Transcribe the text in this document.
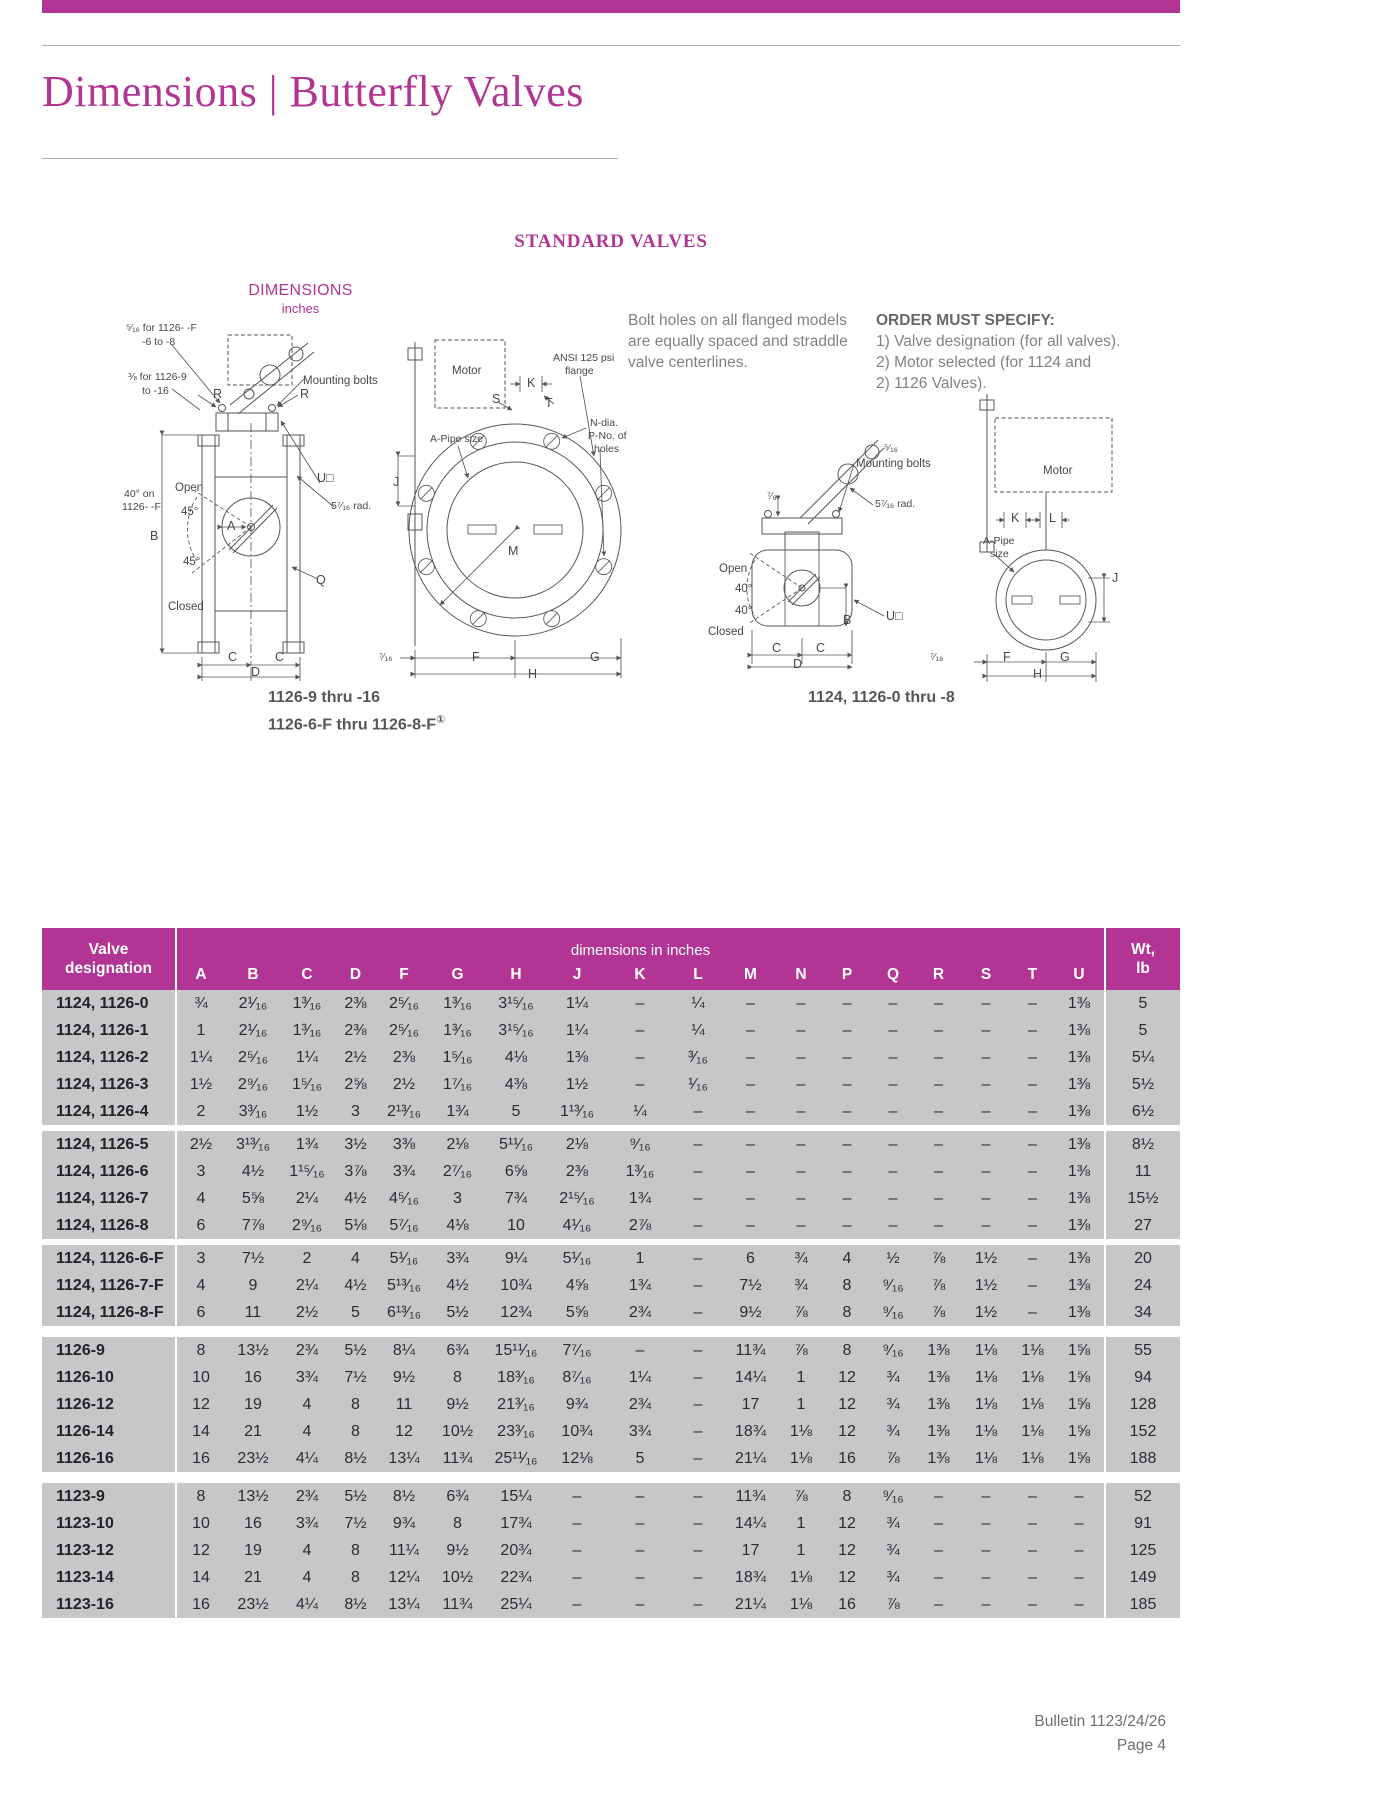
Dimensions | Butterfly Valves
STANDARD VALVES
DIMENSIONS
inches
⁵⁄₁₆ for 1126- -F
-6 to -8
⅜ for 1126-9
to -16
Mounting bolts
R	R
40° on
1126- -F
Open
45°
A
B
U□
5⁷⁄₁₆ rad.
45°
Closed
Q
C	C
D
Motor
ANSI 125 psi
flange
K
S	T
A-Pipe size
N-dia.
P-No. of
holes
J
M
⁷⁄₁₆	F	G
H
⁵⁄₁₆
Mounting bolts
⁷⁄₈
5⁷⁄₁₆ rad.
Open
40°
40°
Closed
B	U□
C	C
D
Motor
K L
A-Pipe
size
J
⁷⁄₁₆	F	G
H

Bolt holes on all flanged models are equally spaced and straddle valve centerlines.

ORDER MUST SPECIFY:
1) Valve designation (for all valves).
2) Motor selected (for 1124 and
2) 1126 Valves).
1126-9 thru -16
1126-6-F thru 1126-8-F①
1124, 1126-0 thru -8
Valve
designation
dimensions in inches
A	B	C	D	F	G	H	J	K	L	M	N	P	Q	R	S	T	U
Wt,
lb
1124, 1126-0	¾	2¹⁄₁₆	1³⁄₁₆	2⅜	2⁵⁄₁₆	1³⁄₁₆	3¹⁵⁄₁₆	1¼	–	¼	–	–	–	–	–	–	–	1⅜	5
1124, 1126-1	1	2¹⁄₁₆	1³⁄₁₆	2⅜	2⁵⁄₁₆	1³⁄₁₆	3¹⁵⁄₁₆	1¼	–	¼	–	–	–	–	–	–	–	1⅜	5
1124, 1126-2	1¼	2⁵⁄₁₆	1¼	2½	2⅜	1⁵⁄₁₆	4⅛	1⅜	–	³⁄₁₆	–	–	–	–	–	–	–	1⅜	5¼
1124, 1126-3	1½	2⁹⁄₁₆	1⁵⁄₁₆	2⅝	2½	1⁷⁄₁₆	4⅜	1½	–	¹⁄₁₆	–	–	–	–	–	–	–	1⅜	5½
1124, 1126-4	2	3³⁄₁₆	1½	3	2¹³⁄₁₆	1¾	5	1¹³⁄₁₆	¼	–	–	–	–	–	–	–	–	1⅜	6½
1124, 1126-5	2½	3¹³⁄₁₆	1¾	3½	3⅜	2⅛	5¹¹⁄₁₆	2⅛	⁹⁄₁₆	–	–	–	–	–	–	–	–	1⅜	8½
1124, 1126-6	3	4½	1¹⁵⁄₁₆	3⅞	3¾	2⁷⁄₁₆	6⅝	2⅜	1³⁄₁₆	–	–	–	–	–	–	–	–	1⅜	11
1124, 1126-7	4	5⅝	2¼	4½	4⁵⁄₁₆	3	7¾	2¹⁵⁄₁₆	1¾	–	–	–	–	–	–	–	–	1⅜	15½
1124, 1126-8	6	7⅞	2⁹⁄₁₆	5⅛	5⁷⁄₁₆	4⅛	10	4¹⁄₁₆	2⅞	–	–	–	–	–	–	–	–	1⅜	27
1124, 1126-6-F	3	7½	2	4	5¹⁄₁₆	3¾	9¼	5¹⁄₁₆	1	–	6	¾	4	½	⅞	1½	–	1⅜	20
1124, 1126-7-F	4	9	2¼	4½	5¹³⁄₁₆	4½	10¾	4⅝	1¾	–	7½	¾	8	⁹⁄₁₆	⅞	1½	–	1⅜	24
1124, 1126-8-F	6	11	2½	5	6¹³⁄₁₆	5½	12¾	5⅝	2¾	–	9½	⅞	8	⁹⁄₁₆	⅞	1½	–	1⅜	34
1126-9	8	13½	2¾	5½	8¼	6¾	15¹¹⁄₁₆	7⁷⁄₁₆	–	–	11¾	⅞	8	⁹⁄₁₆	1⅜	1⅛	1⅛	1⅝	55
1126-10	10	16	3¾	7½	9½	8	18³⁄₁₆	8⁷⁄₁₆	1¼	–	14¼	1	12	¾	1⅜	1⅛	1⅛	1⅝	94
1126-12	12	19	4	8	11	9½	21³⁄₁₆	9¾	2¾	–	17	1	12	¾	1⅜	1⅛	1⅛	1⅝	128
1126-14	14	21	4	8	12	10½	23³⁄₁₆	10¾	3¾	–	18¾	1⅛	12	¾	1⅜	1⅛	1⅛	1⅝	152
1126-16	16	23½	4¼	8½	13¼	11¾	25¹¹⁄₁₆	12⅛	5	–	21¼	1⅛	16	⅞	1⅜	1⅛	1⅛	1⅝	188
1123-9	8	13½	2¾	5½	8½	6¾	15¼	–	–	–	11¾	⅞	8	⁹⁄₁₆	–	–	–	–	52
1123-10	10	16	3¾	7½	9¾	8	17¾	–	–	–	14¼	1	12	¾	–	–	–	–	91
1123-12	12	19	4	8	11¼	9½	20¾	–	–	–	17	1	12	¾	–	–	–	–	125
1123-14	14	21	4	8	12¼	10½	22¾	–	–	–	18¾	1⅛	12	¾	–	–	–	–	149
1123-16	16	23½	4¼	8½	13¼	11¾	25¼	–	–	–	21¼	1⅛	16	⅞	–	–	–	–	185
Bulletin 1123/24/26
Page 4
